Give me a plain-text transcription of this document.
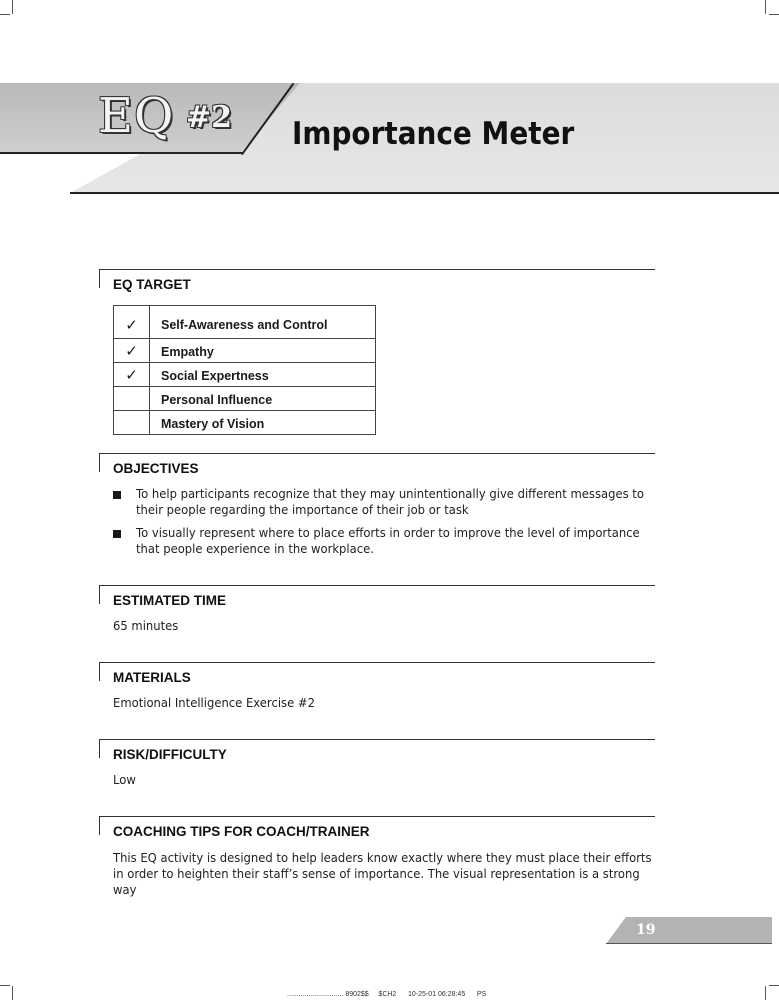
EQ #2 Importance Meter
EQ TARGET
✓	Self-Awareness and Control
✓	Empathy
✓	Social Expertness
	Personal Influence
	Mastery of Vision
OBJECTIVES
To help participants recognize that they may unintentionally give different messages to their people regarding the importance of their job or task
To visually represent where to place efforts in order to improve the level of importance that people experience in the workplace.
ESTIMATED TIME
65 minutes
MATERIALS
Emotional Intelligence Exercise #2
RISK/DIFFICULTY
Low
COACHING TIPS FOR COACH/TRAINER
This EQ activity is designed to help leaders know exactly where they must place their efforts in order to heighten their staff’s sense of importance. The visual representation is a strong way
19
............................. 8902$$     $CH2      10-25-01 06:28:45      PS
